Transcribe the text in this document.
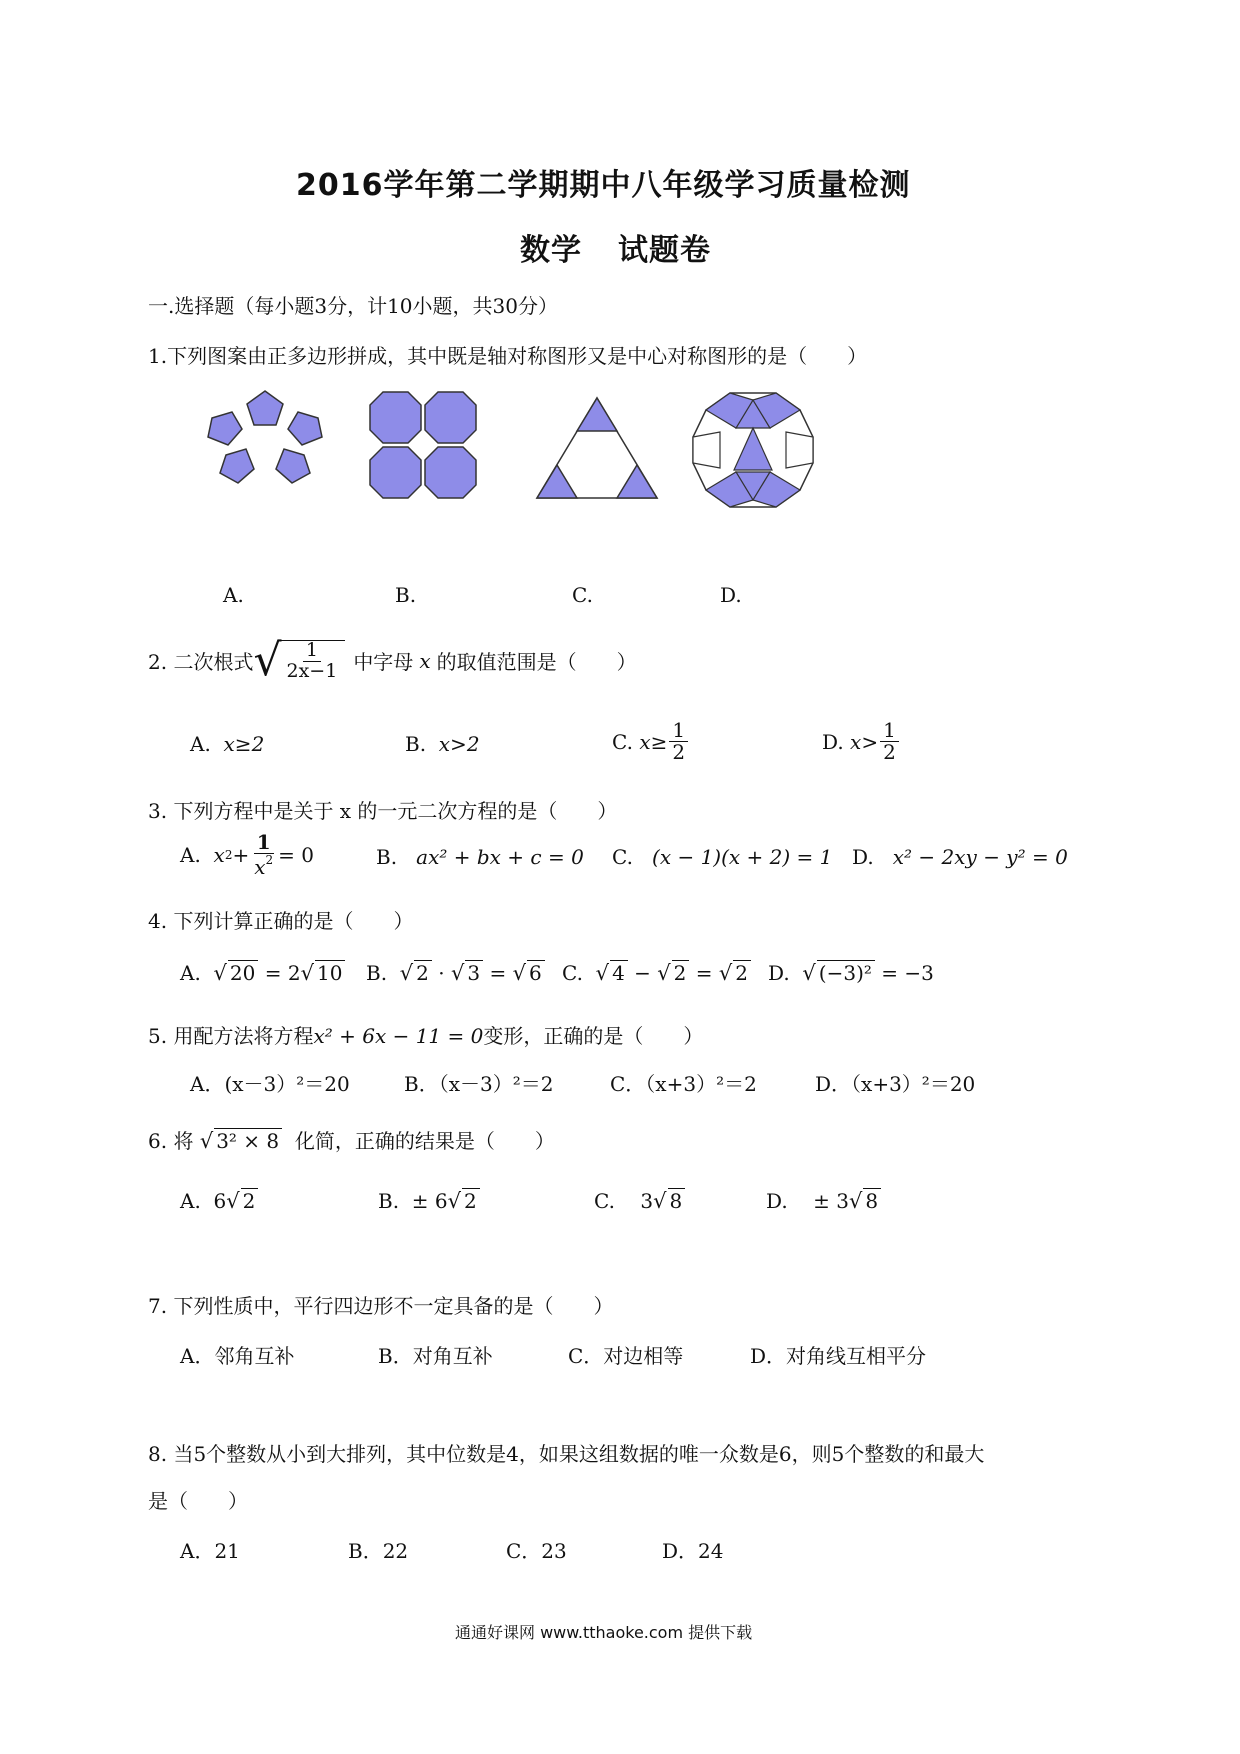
2016学年第二学期期中八年级学习质量检测
数学 试题卷
一.选择题（每小题3分，计10小题，共30分）
1.下列图案由正多边形拼成，其中既是轴对称图形又是中心对称图形的是（　　）
A.	B.	C.	D.
2. 二次根式 √ $\frac{1}{2x-1}$ 中字母 x 的取值范围是（　　）
A. x≥2	B. x>2	C.
$x\ge \frac{1}{2}$	D.
$x> \frac{1}{2}$
3. 下列方程中是关于 x 的一元二次方程的是（　　）
A.
x $2 + \frac{1}{x^2} = 0$	B. ax² + bx + c = 0 C. (x − 1)(x + 2) = 1 D. x² − 2xy − y² = 0
4. 下列计算正确的是（　　）
A. √ 20 = 2√ 10 B. √ 2 · √ 3 = √ 6 C. √ 4 − √ 2 = √ 2 D. √ (−3)² = −3
5. 用配方法将方程x² + 6x − 11 = 0变形，正确的是（　　）
A．(x－3）²＝20	B．（x－3）²＝2	C．（x+3）²＝2	D．（x+3）²＝20
6. 将 √ 3² × 8 化简，正确的结果是（　　）
A. 6√ 2	B. ± 6√ 2	C. 3√ 8	D. ± 3√ 8
7. 下列性质中，平行四边形不一定具备的是（　　）
A．邻角互补	B．对角互补	C．对边相等	D．对角线互相平分
8. 当5个整数从小到大排列，其中位数是4，如果这组数据的唯一众数是6，则5个整数的和最大
是（　　）
A．21	B．22	C．23	D．24
通通好课网 www.tthaoke.com 提供下载
